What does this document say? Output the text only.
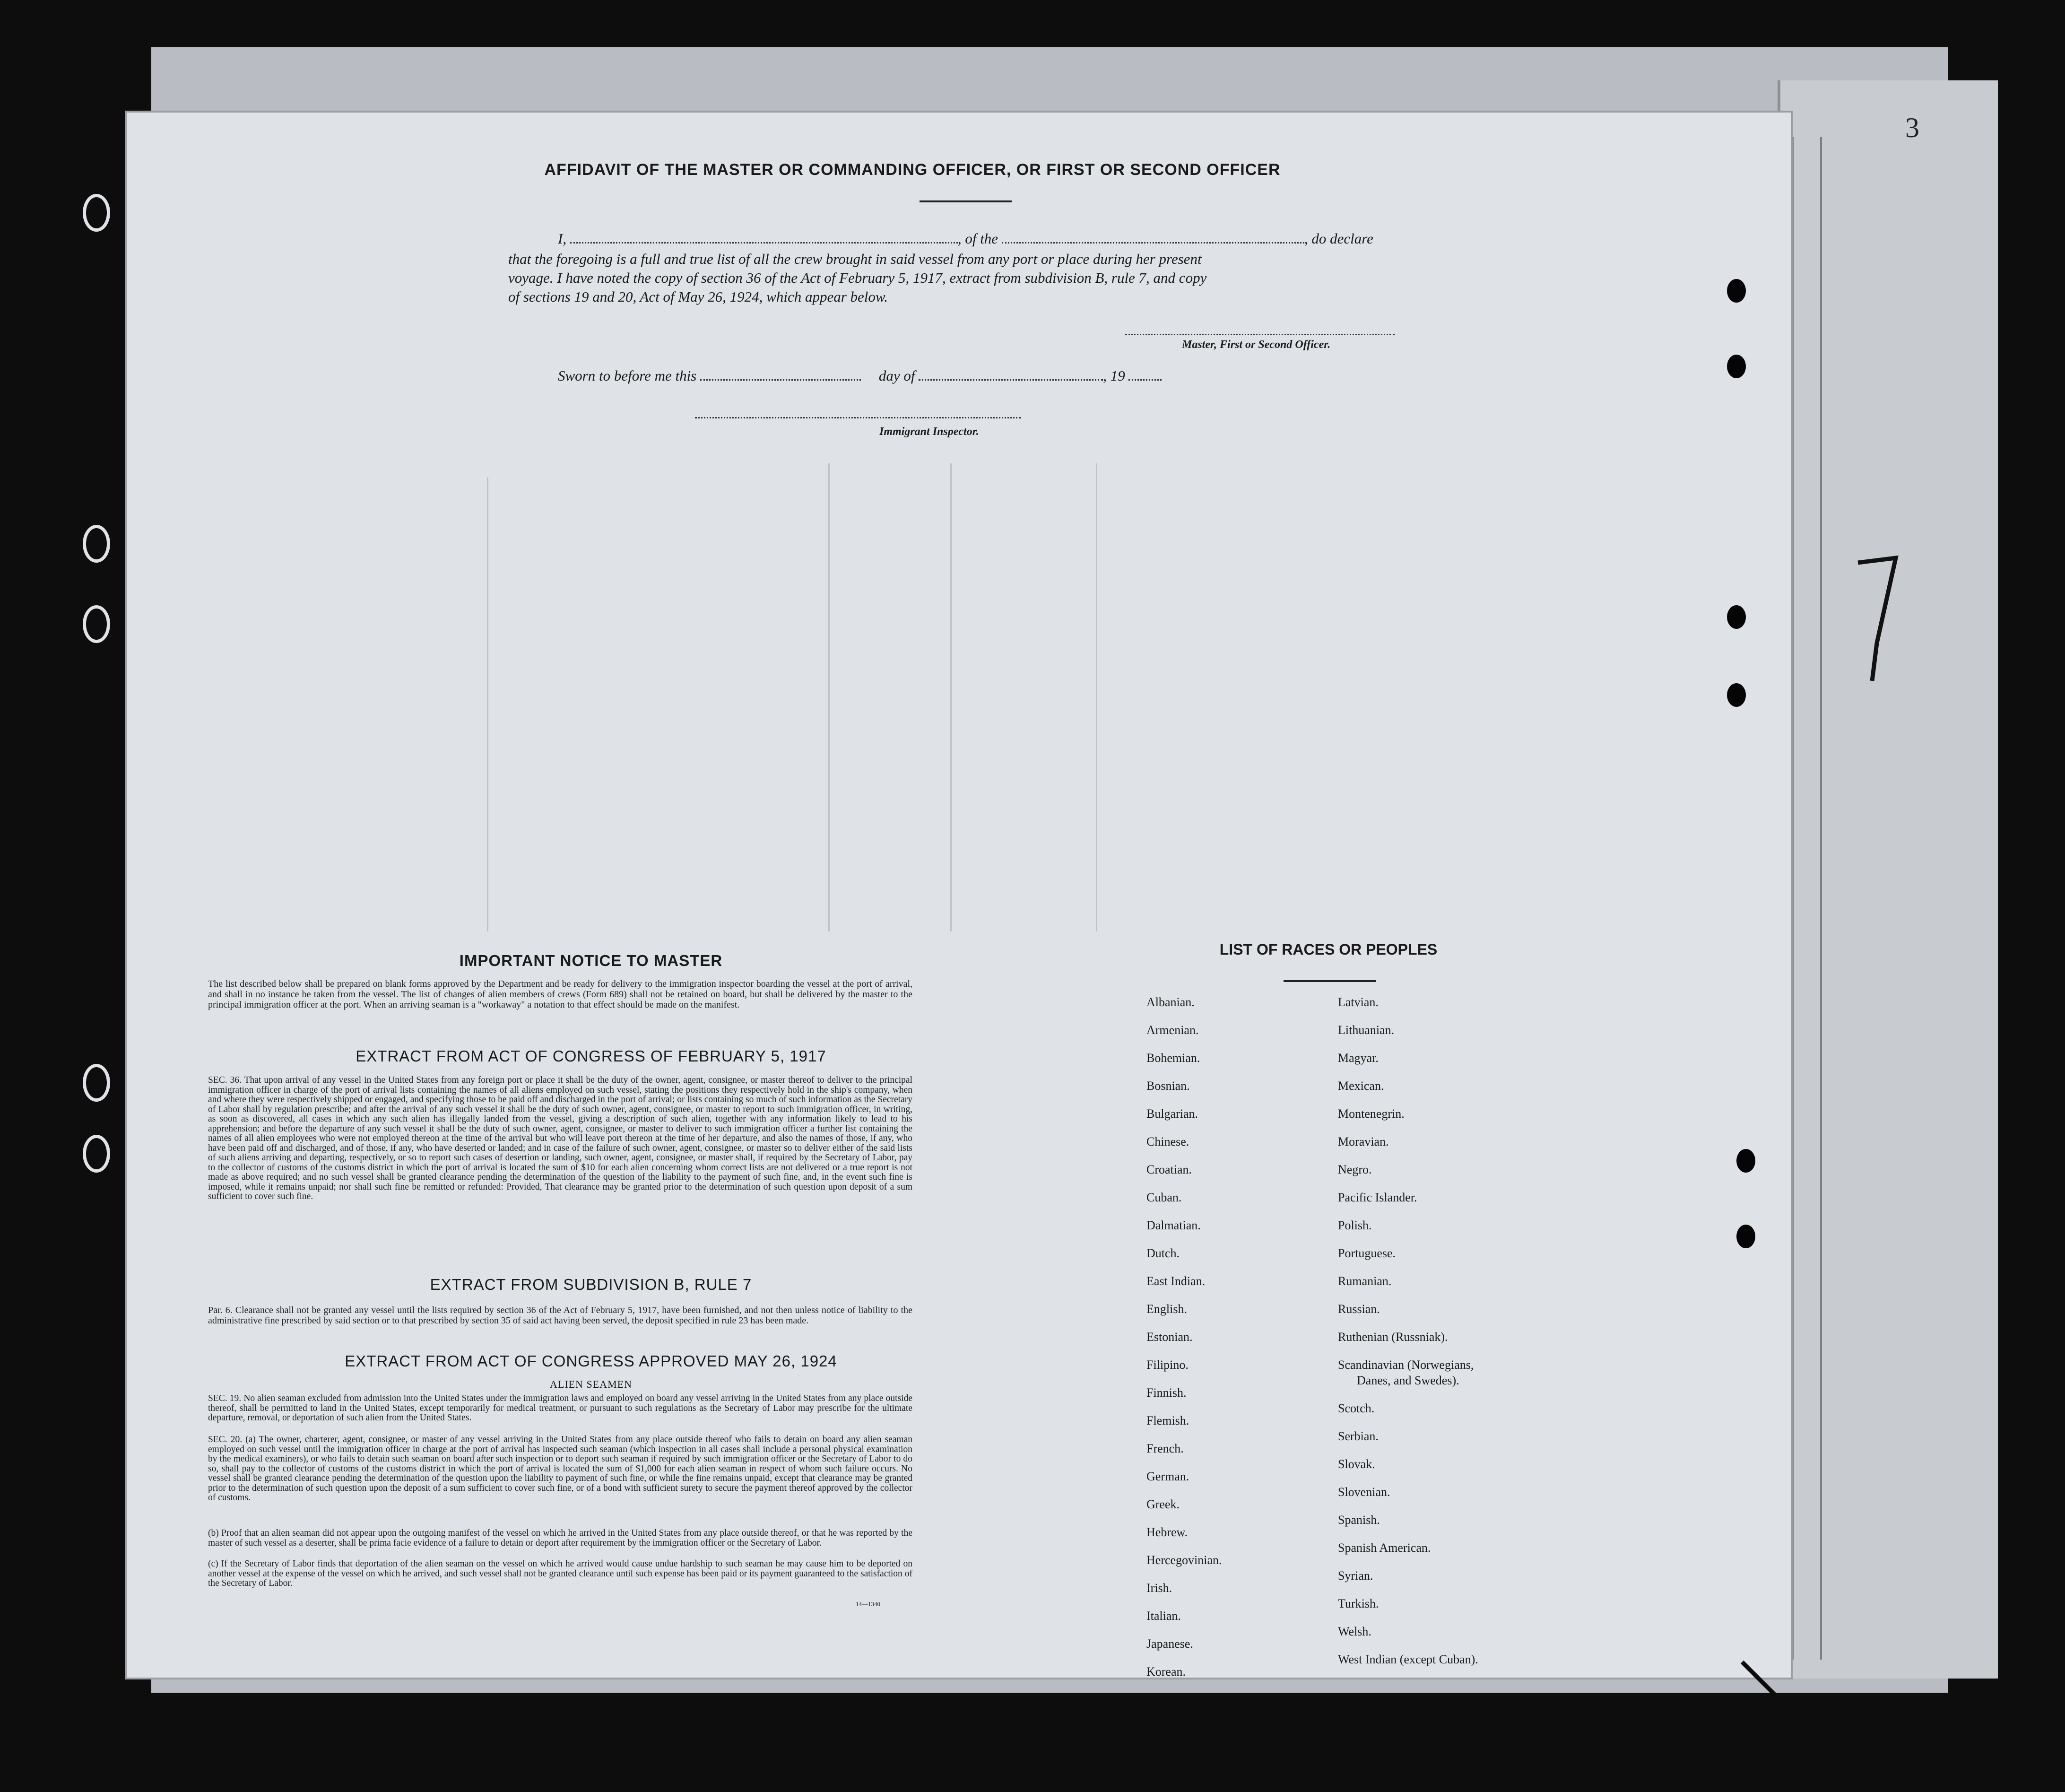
3
AFFIDAVIT OF THE MASTER OR COMMANDING OFFICER, OR FIRST OR SECOND OFFICER
I,	, of the	, do declare
that the foregoing is a full and true list of all the crew brought in said vessel from any port or place during her present
voyage. I have noted the copy of section 36 of the Act of February 5, 1917, extract from subdivision B, rule 7, and copy
of sections 19 and 20, Act of May 26, 1924, which appear below.
Master, First or Second Officer.
Sworn to before me this	day of	, 19
Immigrant Inspector.
IMPORTANT NOTICE TO MASTER
The list described below shall be prepared on blank forms approved by the Department and be ready for delivery to the immigration inspector boarding the vessel at the port of arrival, and shall in no instance be taken from the vessel. The list of changes of alien members of crews (Form 689) shall not be retained on board, but shall be delivered by the master to the principal immigration officer at the port. When an arriving seaman is a "workaway" a notation to that effect should be made on the manifest.
EXTRACT FROM ACT OF CONGRESS OF FEBRUARY 5, 1917
SEC. 36. That upon arrival of any vessel in the United States from any foreign port or place it shall be the duty of the owner, agent, consignee, or master thereof to deliver to the principal immigration officer in charge of the port of arrival lists containing the names of all aliens employed on such vessel, stating the positions they respectively hold in the ship's company, when and where they were respectively shipped or engaged, and specifying those to be paid off and discharged in the port of arrival; or lists containing so much of such information as the Secretary of Labor shall by regulation prescribe; and after the arrival of any such vessel it shall be the duty of such owner, agent, consignee, or master to report to such immigration officer, in writing, as soon as discovered, all cases in which any such alien has illegally landed from the vessel, giving a description of such alien, together with any information likely to lead to his apprehension; and before the departure of any such vessel it shall be the duty of such owner, agent, consignee, or master to deliver to such immigration officer a further list containing the names of all alien employees who were not employed thereon at the time of the arrival but who will leave port thereon at the time of her departure, and also the names of those, if any, who have been paid off and discharged, and of those, if any, who have deserted or landed; and in case of the failure of such owner, agent, consignee, or master so to deliver either of the said lists of such aliens arriving and departing, respectively, or so to report such cases of desertion or landing, such owner, agent, consignee, or master shall, if required by the Secretary of Labor, pay to the collector of customs of the customs district in which the port of arrival is located the sum of $10 for each alien concerning whom correct lists are not delivered or a true report is not made as above required; and no such vessel shall be granted clearance pending the determination of the question of the liability to the payment of such fine, and, in the event such fine is imposed, while it remains unpaid; nor shall such fine be remitted or refunded: Provided, That clearance may be granted prior to the determination of such question upon deposit of a sum sufficient to cover such fine.
EXTRACT FROM SUBDIVISION B, RULE 7
Par. 6. Clearance shall not be granted any vessel until the lists required by section 36 of the Act of February 5, 1917, have been furnished, and not then unless notice of liability to the administrative fine prescribed by said section or to that prescribed by section 35 of said act having been served, the deposit specified in rule 23 has been made.
EXTRACT FROM ACT OF CONGRESS APPROVED MAY 26, 1924
ALIEN SEAMEN
SEC. 19. No alien seaman excluded from admission into the United States under the immigration laws and employed on board any vessel arriving in the United States from any place outside thereof, shall be permitted to land in the United States, except temporarily for medical treatment, or pursuant to such regulations as the Secretary of Labor may prescribe for the ultimate departure, removal, or deportation of such alien from the United States.
SEC. 20. (a) The owner, charterer, agent, consignee, or master of any vessel arriving in the United States from any place outside thereof who fails to detain on board any alien seaman employed on such vessel until the immigration officer in charge at the port of arrival has inspected such seaman (which inspection in all cases shall include a personal physical examination by the medical examiners), or who fails to detain such seaman on board after such inspection or to deport such seaman if required by such immigration officer or the Secretary of Labor to do so, shall pay to the collector of customs of the customs district in which the port of arrival is located the sum of $1,000 for each alien seaman in respect of whom such failure occurs. No vessel shall be granted clearance pending the determination of the question upon the liability to payment of such fine, or while the fine remains unpaid, except that clearance may be granted prior to the determination of such question upon the deposit of a sum sufficient to cover such fine, or of a bond with sufficient surety to secure the payment thereof approved by the collector of customs.
(b) Proof that an alien seaman did not appear upon the outgoing manifest of the vessel on which he arrived in the United States from any place outside thereof, or that he was reported by the master of such vessel as a deserter, shall be prima facie evidence of a failure to detain or deport after requirement by the immigration officer or the Secretary of Labor.
(c) If the Secretary of Labor finds that deportation of the alien seaman on the vessel on which he arrived would cause undue hardship to such seaman he may cause him to be deported on another vessel at the expense of the vessel on which he arrived, and such vessel shall not be granted clearance until such expense has been paid or its payment guaranteed to the satisfaction of the Secretary of Labor.
14—1340
LIST OF RACES OR PEOPLES
Albanian.
Armenian.
Bohemian.
Bosnian.
Bulgarian.
Chinese.
Croatian.
Cuban.
Dalmatian.
Dutch.
East Indian.
English.
Estonian.
Filipino.
Finnish.
Flemish.
French.
German.
Greek.
Hebrew.
Hercegovinian.
Irish.
Italian.
Japanese.
Korean.
Latvian.
Lithuanian.
Magyar.
Mexican.
Montenegrin.
Moravian.
Negro.
Pacific Islander.
Polish.
Portuguese.
Rumanian.
Russian.
Ruthenian (Russniak).
Scandinavian (Norwegians,
Danes, and Swedes).
Scotch.
Serbian.
Slovak.
Slovenian.
Spanish.
Spanish American.
Syrian.
Turkish.
Welsh.
West Indian (except Cuban).
